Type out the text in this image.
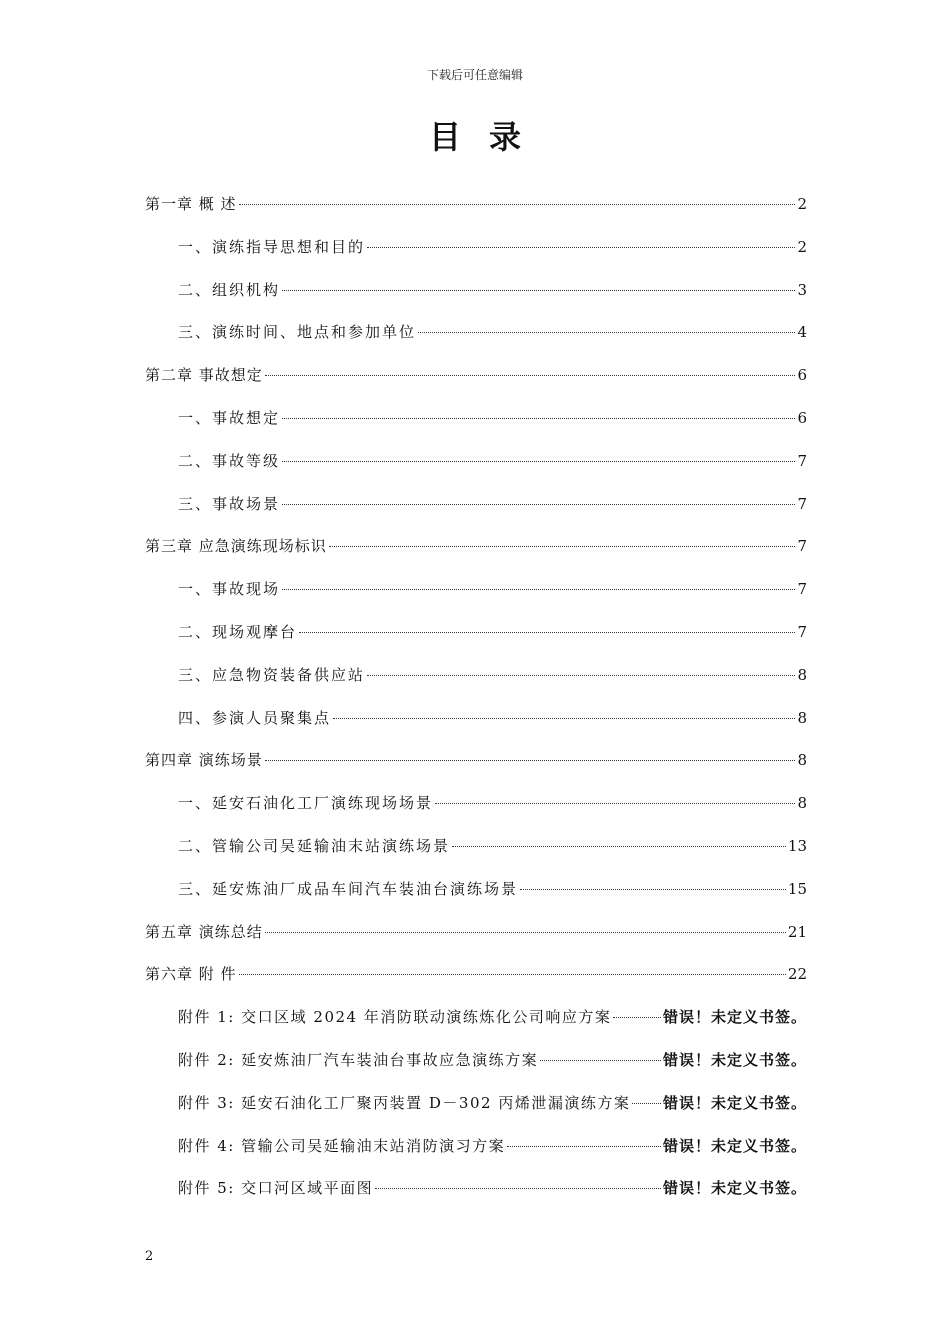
下载后可任意编辑
目录
第一章 概 述	2
一、演练指导思想和目的	2
二、组织机构	3
三、演练时间、地点和参加单位	4
第二章 事故想定	6
一、事故想定	6
二、事故等级	7
三、事故场景	7
第三章 应急演练现场标识	7
一、事故现场	7
二、现场观摩台	7
三、应急物资装备供应站	8
四、参演人员聚集点	8
第四章 演练场景	8
一、延安石油化工厂演练现场场景	8
二、管输公司吴延输油末站演练场景	13
三、延安炼油厂成品车间汽车装油台演练场景	15
第五章 演练总结	21
第六章 附 件	22
附件 1: 交口区域 2024 年消防联动演练炼化公司响应方案	错误！未定义书签。
附件 2: 延安炼油厂汽车装油台事故应急演练方案	错误！未定义书签。
附件 3: 延安石油化工厂聚丙装置 D－302 丙烯泄漏演练方案 错误！未定义书签。
附件 4: 管输公司吴延输油末站消防演习方案	错误！未定义书签。
附件 5: 交口河区域平面图	错误！未定义书签。
2
